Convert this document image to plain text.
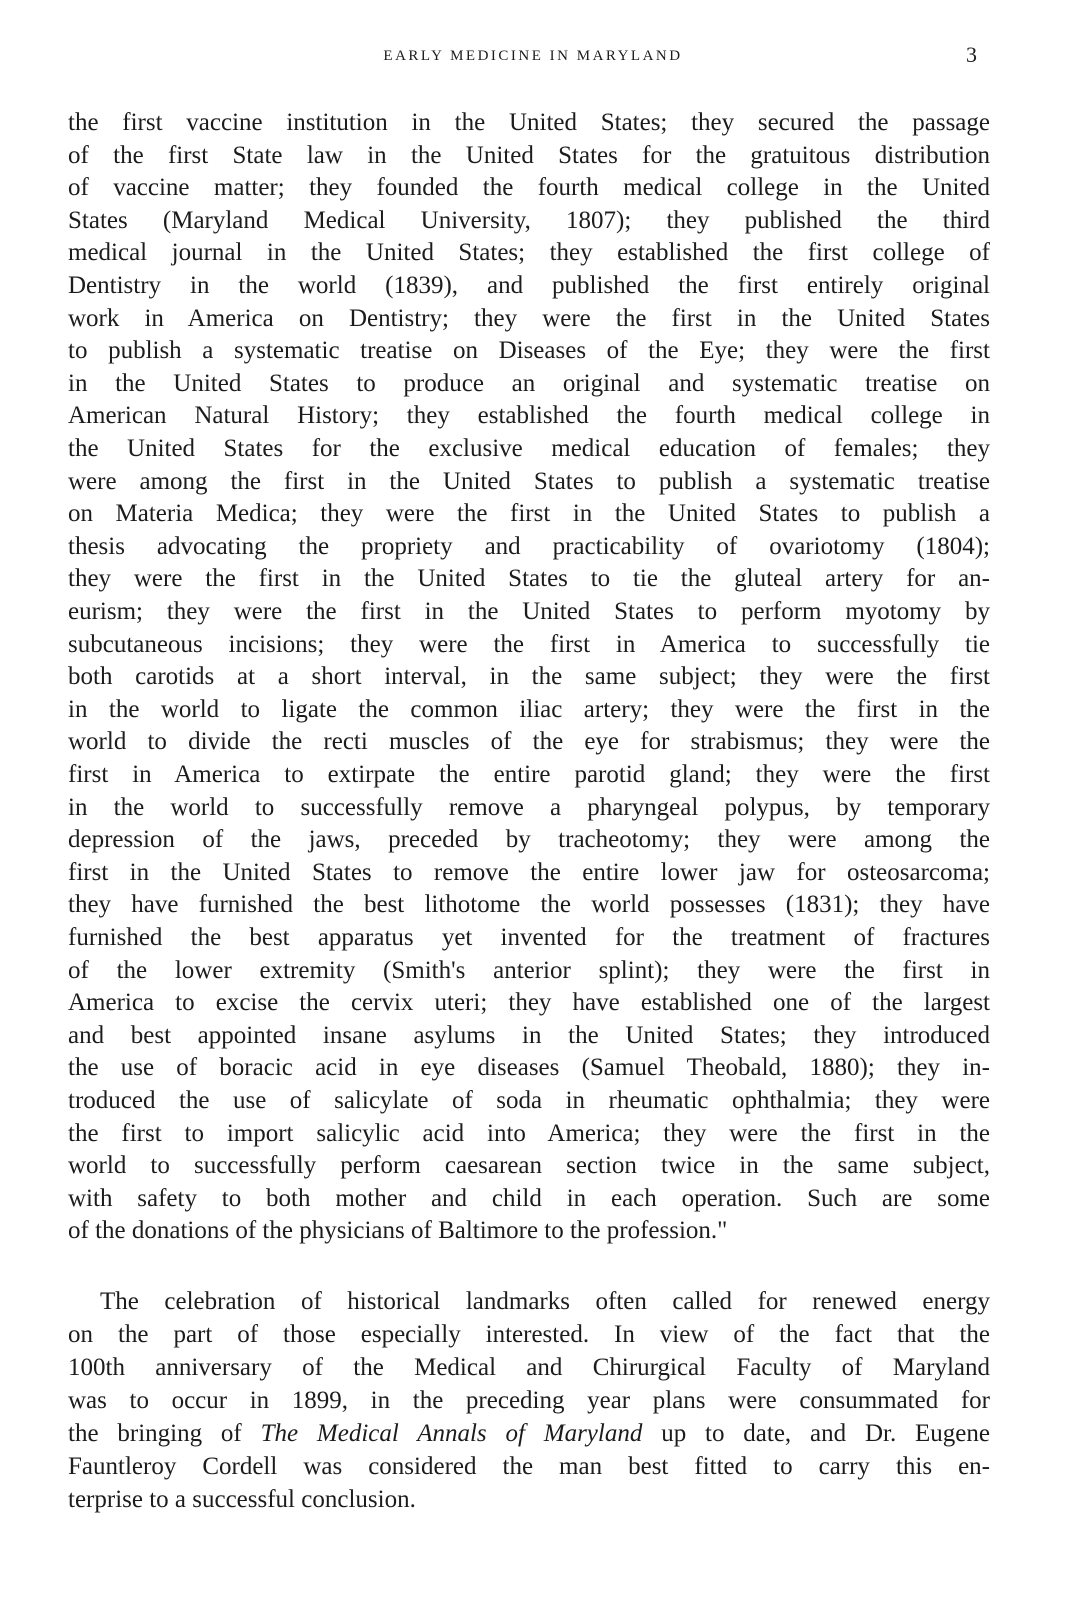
EARLY MEDICINE IN MARYLAND	3
the first vaccine institution in the United States; they secured the passage
of the first State law in the United States for the gratuitous distribution
of vaccine matter; they founded the fourth medical college in the United
States (Maryland Medical University, 1807); they published the third
medical journal in the United States; they established the first college of
Dentistry in the world (1839), and published the first entirely original
work in America on Dentistry; they were the first in the United States
to publish a systematic treatise on Diseases of the Eye; they were the first
in the United States to produce an original and systematic treatise on
American Natural History; they established the fourth medical college in
the United States for the exclusive medical education of females; they
were among the first in the United States to publish a systematic treatise
on Materia Medica; they were the first in the United States to publish a
thesis advocating the propriety and practicability of ovariotomy (1804);
they were the first in the United States to tie the gluteal artery for an-
eurism; they were the first in the United States to perform myotomy by
subcutaneous incisions; they were the first in America to successfully tie
both carotids at a short interval, in the same subject; they were the first
in the world to ligate the common iliac artery; they were the first in the
world to divide the recti muscles of the eye for strabismus; they were the
first in America to extirpate the entire parotid gland; they were the first
in the world to successfully remove a pharyngeal polypus, by temporary
depression of the jaws, preceded by tracheotomy; they were among the
first in the United States to remove the entire lower jaw for osteosarcoma;
they have furnished the best lithotome the world possesses (1831); they have
furnished the best apparatus yet invented for the treatment of fractures
of the lower extremity (Smith's anterior splint); they were the first in
America to excise the cervix uteri; they have established one of the largest
and best appointed insane asylums in the United States; they introduced
the use of boracic acid in eye diseases (Samuel Theobald, 1880); they in-
troduced the use of salicylate of soda in rheumatic ophthalmia; they were
the first to import salicylic acid into America; they were the first in the
world to successfully perform caesarean section twice in the same subject,
with safety to both mother and child in each operation. Such are some
of the donations of the physicians of Baltimore to the profession."
The celebration of historical landmarks often called for renewed energy
on the part of those especially interested. In view of the fact that the
100th anniversary of the Medical and Chirurgical Faculty of Maryland
was to occur in 1899, in the preceding year plans were consummated for
the bringing of The Medical Annals of Maryland up to date, and Dr. Eugene
Fauntleroy Cordell was considered the man best fitted to carry this en-
terprise to a successful conclusion.
